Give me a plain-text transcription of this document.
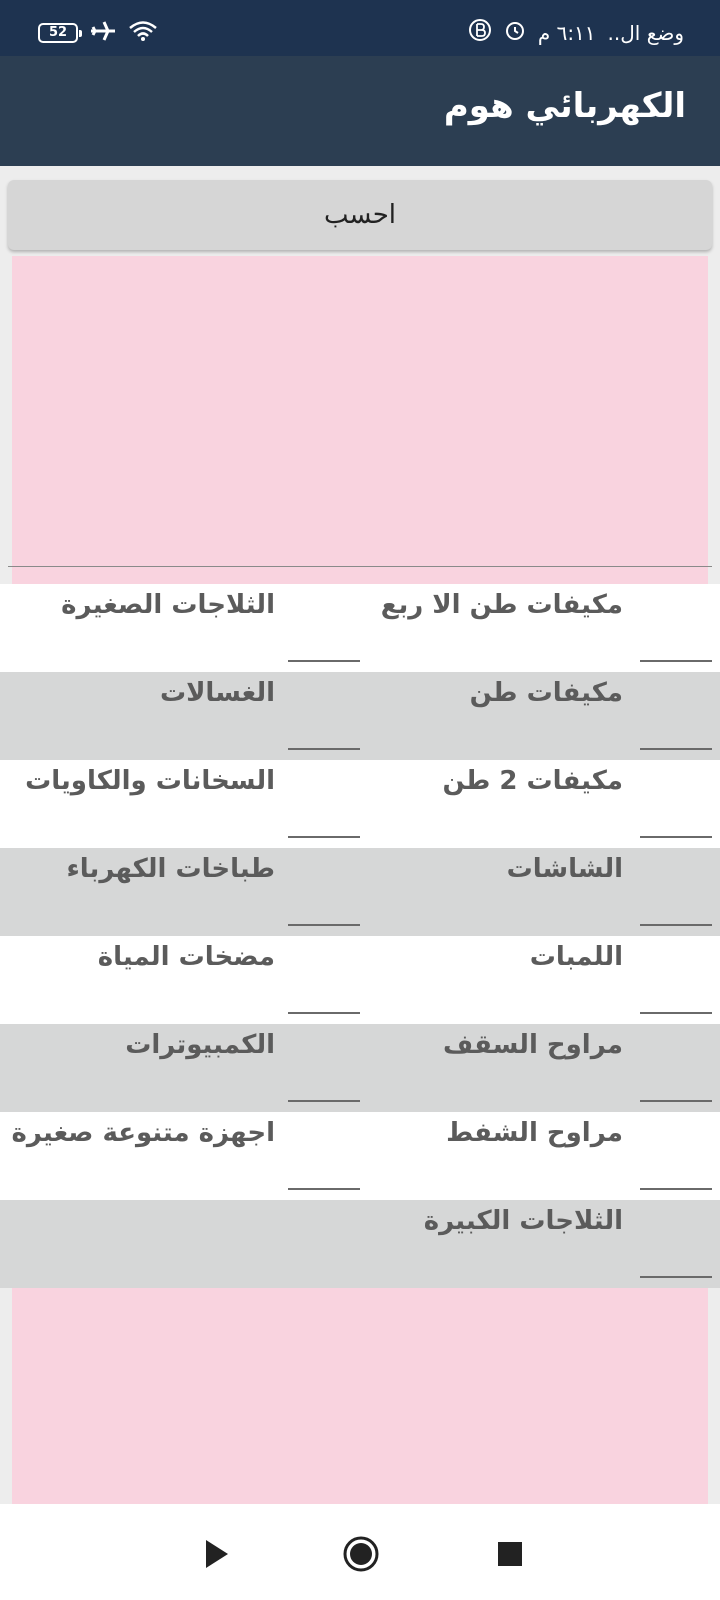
52	وضع ال..
٦:١١ م
الكهربائي هوم
احسب
مكيفات طن الا ربع
الثلاجات الصغيرة
مكيفات طن
الغسالات
مكيفات 2 طن
السخانات والكاويات
الشاشات
طباخات الكهرباء
اللمبات
مضخات المياة
مراوح السقف
الكمبيوترات
مراوح الشفط
اجهزة متنوعة صغيرة
الثلاجات الكبيرة
